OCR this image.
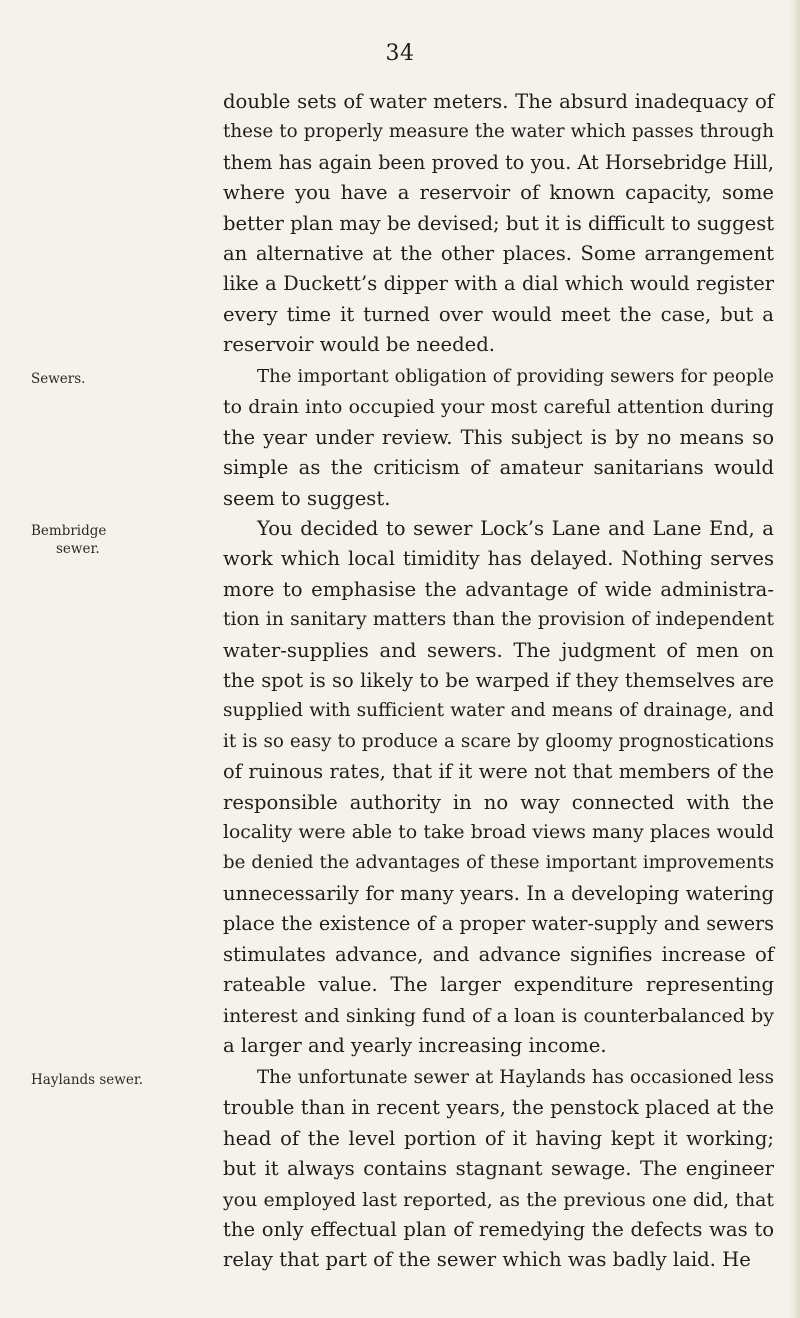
34
double sets of water meters. The absurd inadequacy of
these to properly measure the water which passes through
them has again been proved to you. At Horsebridge Hill,
where you have a reservoir of known capacity, some
better plan may be devised; but it is difficult to suggest
an alternative at the other places. Some arrangement
like a Duckett’s dipper with a dial which would register
every time it turned over would meet the case, but a
reservoir would be needed.
Sewers.	The important obligation of providing sewers for people
to drain into occupied your most careful attention during
the year under review. This subject is by no means so
simple as the criticism of amateur sanitarians would
seem to suggest.
Bembridge
sewer.
You decided to sewer Lock’s Lane and Lane End, a
work which local timidity has delayed. Nothing serves
more to emphasise the advantage of wide administra-
tion in sanitary matters than the provision of independent
water-supplies and sewers. The judgment of men on
the spot is so likely to be warped if they themselves are
supplied with sufficient water and means of drainage, and
it is so easy to produce a scare by gloomy prognostications
of ruinous rates, that if it were not that members of the
responsible authority in no way connected with the
locality were able to take broad views many places would
be denied the advantages of these important improvements
unnecessarily for many years. In a developing watering
place the existence of a proper water-supply and sewers
stimulates advance, and advance signifies increase of
rateable value. The larger expenditure representing
interest and sinking fund of a loan is counterbalanced by
a larger and yearly increasing income.
Haylands sewer.	The unfortunate sewer at Haylands has occasioned less
trouble than in recent years, the penstock placed at the
head of the level portion of it having kept it working;
but it always contains stagnant sewage. The engineer
you employed last reported, as the previous one did, that
the only effectual plan of remedying the defects was to
relay that part of the sewer which was badly laid. He
